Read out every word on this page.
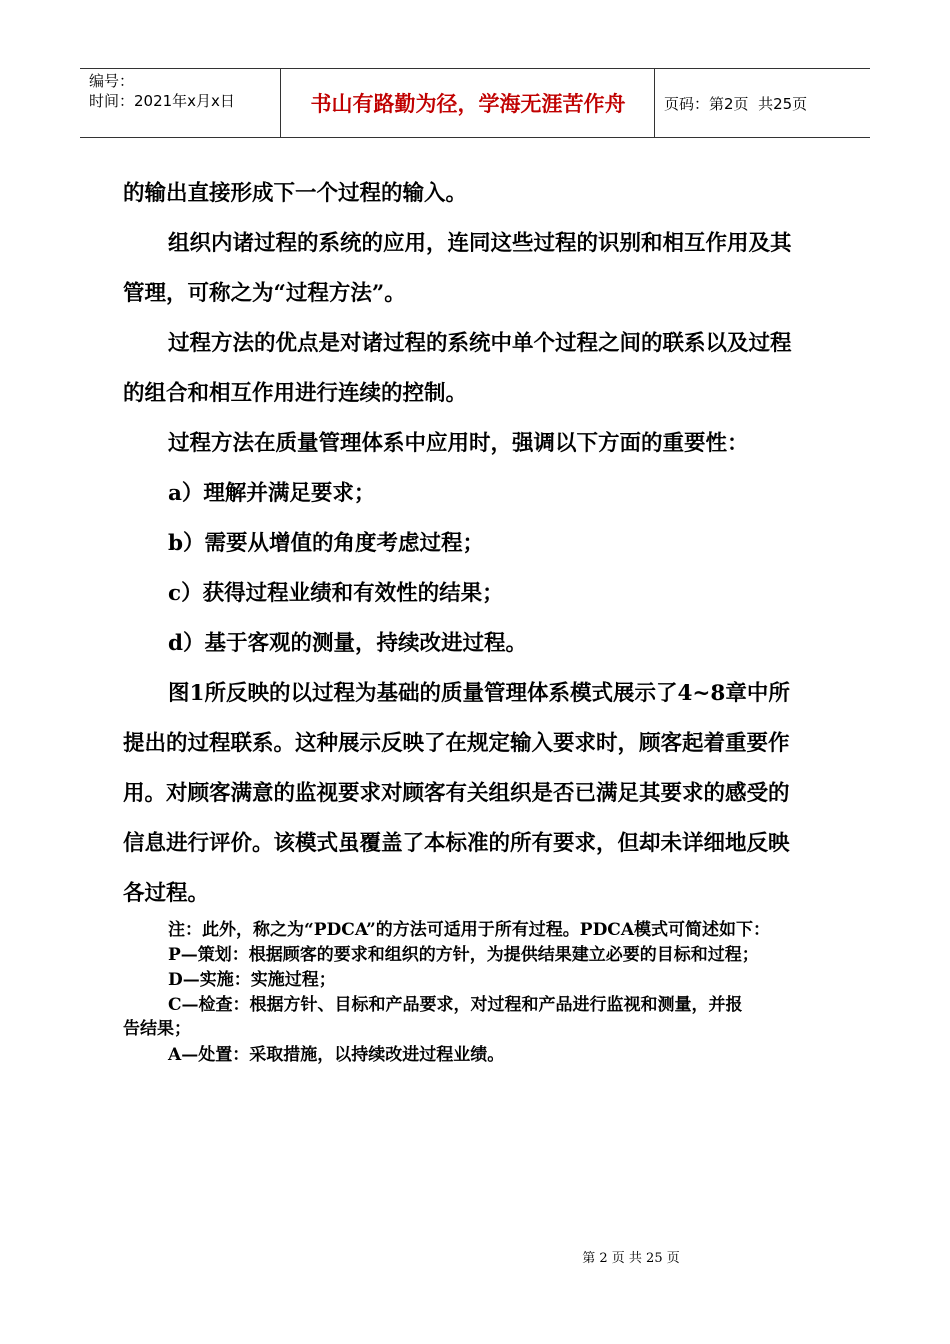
编号：
时间：2021年x月x日	书山有路勤为径，学海无涯苦作舟	页码：第2页  共25页
的输出直接形成下一个过程的输入。
组织内诸过程的系统的应用，连同这些过程的识别和相互作用及其
管理，可称之为“过程方法”。
过程方法的优点是对诸过程的系统中单个过程之间的联系以及过程
的组合和相互作用进行连续的控制。
过程方法在质量管理体系中应用时，强调以下方面的重要性：
a）理解并满足要求；
b）需要从增值的角度考虑过程；
c）获得过程业绩和有效性的结果；
d）基于客观的测量，持续改进过程。
图1所反映的以过程为基础的质量管理体系模式展示了4~8章中所
提出的过程联系。这种展示反映了在规定输入要求时，顾客起着重要作
用。对顾客满意的监视要求对顾客有关组织是否已满足其要求的感受的
信息进行评价。该模式虽覆盖了本标准的所有要求，但却未详细地反映
各过程。
注：此外，称之为“PDCA”的方法可适用于所有过程。PDCA模式可简述如下：
P—策划：根据顾客的要求和组织的方针，为提供结果建立必要的目标和过程；
D—实施：实施过程；
C—检查：根据方针、目标和产品要求，对过程和产品进行监视和测量，并报
告结果；
A—处置：采取措施，以持续改进过程业绩。
第 2 页 共 25 页
